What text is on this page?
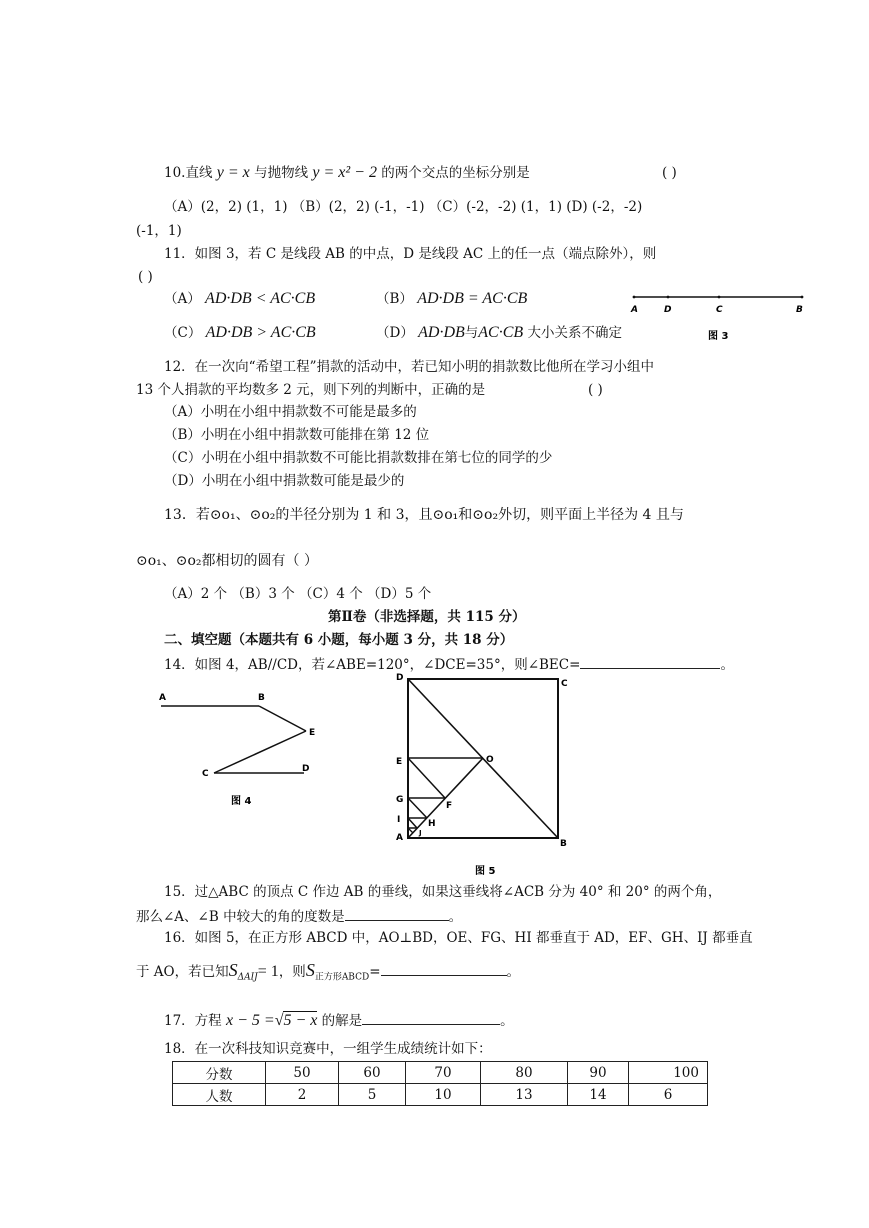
10.直线 y = x 与抛物线 y = x² − 2 的两个交点的坐标分别是	( )
（A）(2，2) (1，1) （B）(2，2) (-1，-1) （C）(-2，-2) (1，1) (D) (-2，-2)
(-1，1)
11．如图 3，若 C 是线段 AB 的中点，D 是线段 AC 上的任一点（端点除外），则
( )
（A） AD·DB < AC·CB	（B） AD·DB = AC·CB
（C） AD·DB > AC·CB	（D） AD·DB与AC·CB 大小关系不确定
A	D	C	B
图 3
12．在一次向“希望工程”捐款的活动中，若已知小明的捐款数比他所在学习小组中
13 个人捐款的平均数多 2 元，则下列的判断中，正确的是	( )
（A）小明在小组中捐款数不可能是最多的
（B）小明在小组中捐款数可能排在第 12 位
（C）小明在小组中捐款数不可能比捐款数排在第七位的同学的少
（D）小明在小组中捐款数可能是最少的
13．若⊙o₁、⊙o₂的半径分别为 1 和 3，且⊙o₁和⊙o₂外切，则平面上半径为 4 且与
⊙o₁、⊙o₂都相切的圆有（ ）
（A）2 个 （B）3 个 （C）4 个 （D）5 个
第Ⅱ卷（非选择题，共 115 分）
二、填空题（本题共有 6 小题，每小题 3 分，共 18 分）
14．如图 4，AB//CD，若∠ABE=120°，∠DCE=35°，则∠BEC=	。
A	B
E
C	D
图 4
D
C
E	O
G
F
I	H
J
A
B
图 5
15．过△ABC 的顶点 C 作边 AB 的垂线，如果这垂线将∠ACB 分为 40° 和 20° 的两个角，
那么∠A、∠B 中较大的角的度数是	。
16．如图 5，在正方形 ABCD 中，AO⊥BD，OE、FG、HI 都垂直于 AD，EF、GH、IJ 都垂直
于 AO，若已知$S_{\Delta AIJ}= 1$，则$S_{正方形ABCD}=$	。
17．方程 x − 5 =√5 − x 的解是	。
18．在一次科技知识竞赛中，一组学生成绩统计如下：
分数	50	60	70	80	90	100
人数	2	5	10	13	14	6
